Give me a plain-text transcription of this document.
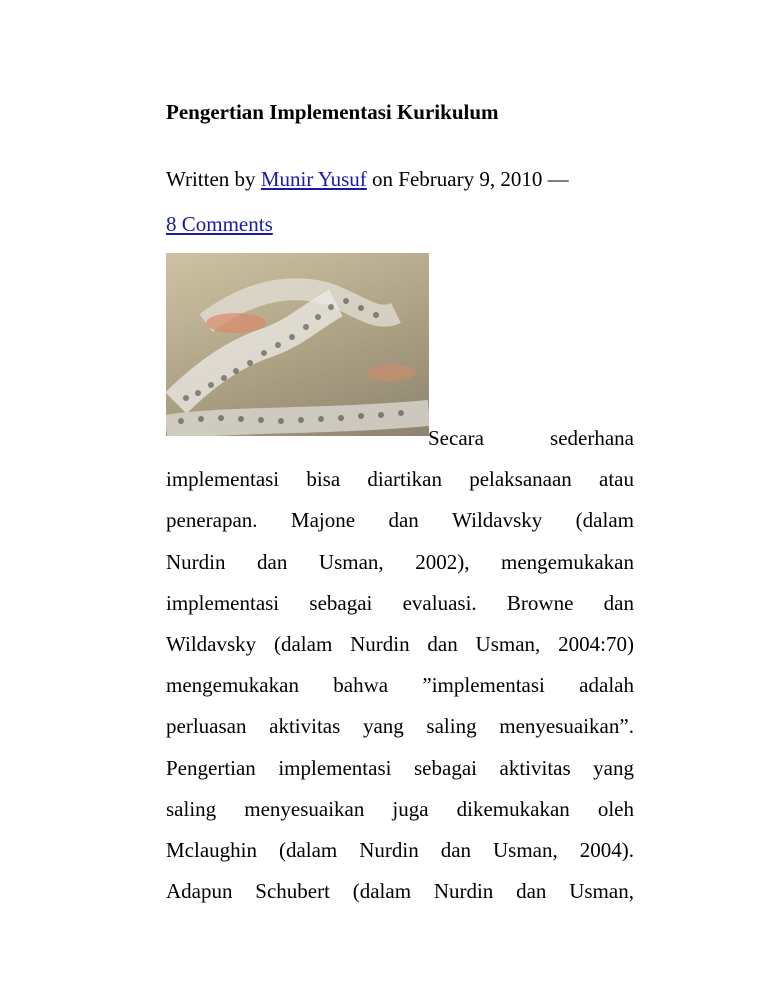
Pengertian Implementasi Kurikulum

Written by Munir Yusuf on February 9, 2010 —
8 Comments

Secara	sederhana
implementasi bisa diartikan pelaksanaan atau
penerapan. Majone dan Wildavsky (dalam
Nurdin dan Usman, 2002), mengemukakan
implementasi sebagai evaluasi. Browne dan
Wildavsky (dalam Nurdin dan Usman, 2004:70)
mengemukakan bahwa ”implementasi adalah
perluasan aktivitas yang saling menyesuaikan”.
Pengertian implementasi sebagai aktivitas yang
saling menyesuaikan juga dikemukakan oleh
Mclaughin (dalam Nurdin dan Usman, 2004).
Adapun Schubert (dalam Nurdin dan Usman,
